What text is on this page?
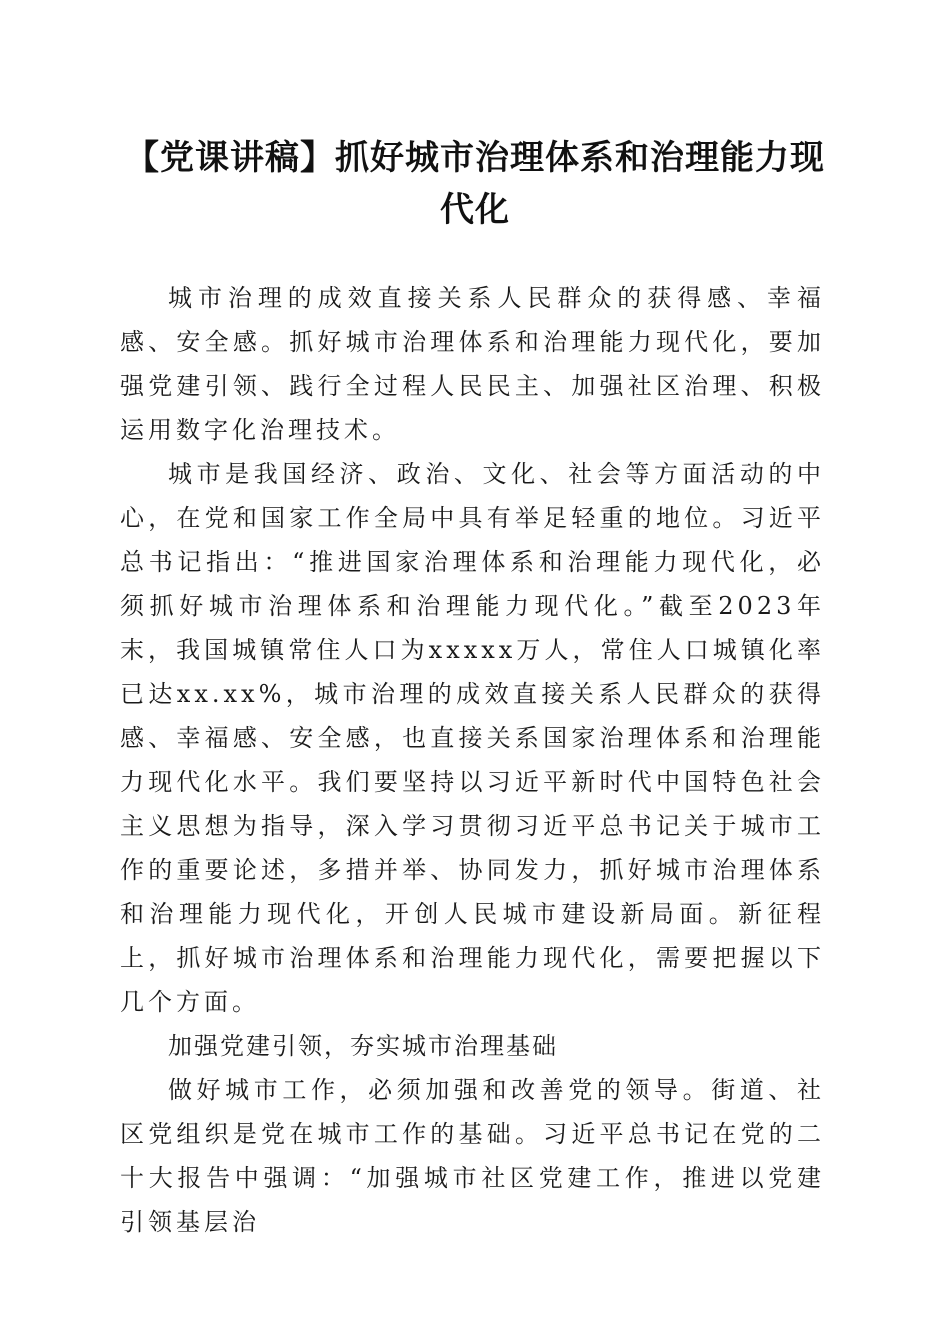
【党课讲稿】抓好城市治理体系和治理能力现代化

城市治理的成效直接关系人民群众的获得感、幸福感、安全感。抓好城市治理体系和治理能力现代化，要加强党建引领、践行全过程人民民主、加强社区治理、积极运用数字化治理技术。

城市是我国经济、政治、文化、社会等方面活动的中心，在党和国家工作全局中具有举足轻重的地位。习近平总书记指出：“推进国家治理体系和治理能力现代化，必须抓好城市治理体系和治理能力现代化。”截至2023年末，我国城镇常住人口为xxxxx万人，常住人口城镇化率已达xx.xx%，城市治理的成效直接关系人民群众的获得感、幸福感、安全感，也直接关系国家治理体系和治理能力现代化水平。我们要坚持以习近平新时代中国特色社会主义思想为指导，深入学习贯彻习近平总书记关于城市工作的重要论述，多措并举、协同发力，抓好城市治理体系和治理能力现代化，开创人民城市建设新局面。新征程上，抓好城市治理体系和治理能力现代化，需要把握以下几个方面。

加强党建引领，夯实城市治理基础

做好城市工作，必须加强和改善党的领导。街道、社区党组织是党在城市工作的基础。习近平总书记在党的二十大报告中强调：“加强城市社区党建工作，推进以党建引领基层治
